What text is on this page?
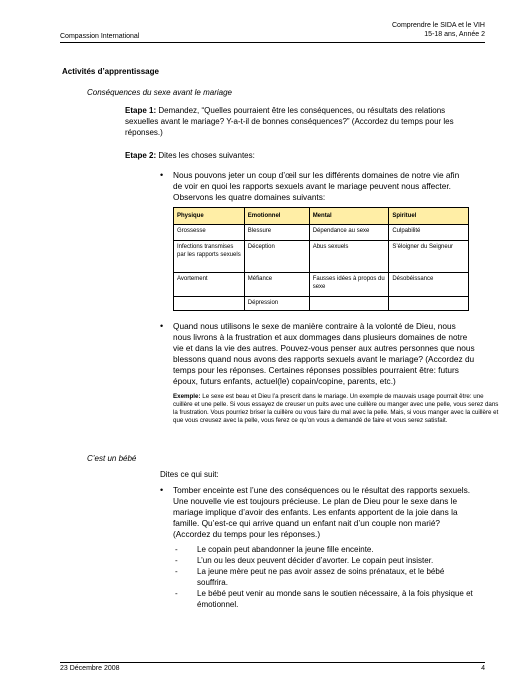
Compassion International
Comprendre le SIDA et le VIH
15-18 ans, Année 2
Activités d’apprentissage
Conséquences du sexe avant le mariage
Etape 1: Demandez, “Quelles pourraient être les conséquences, ou résultats des relations
sexuelles avant le mariage? Y-a-t-il de bonnes conséquences?” (Accordez du temps pour les
réponses.)
Etape 2: Dites les choses suivantes:
• Nous pouvons jeter un coup d’œil sur les différents domaines de notre vie afin
de voir en quoi les rapports sexuels avant le mariage peuvent nous affecter.
Observons les quatre domaines suivants:
Physique	Emotionnel	Mental	Spirituel
Grossesse	Blessure	Dépendance au sexe	Culpabilité
Infections transmises par les rapports sexuels	Déception	Abus sexuels	S’éloigner du Seigneur
Avortement	Méfiance	Fausses idées à propos du sexe	Désobéissance
	Dépression		
• Quand nous utilisons le sexe de manière contraire à la volonté de Dieu, nous
nous livrons à la frustration et aux dommages dans plusieurs domaines de notre
vie et dans la vie des autres. Pouvez-vous penser aux autres personnes que nous
blessons quand nous avons des rapports sexuels avant le mariage? (Accordez du
temps pour les réponses. Certaines réponses possibles pourraient être: futurs
époux, futurs enfants, actuel(le) copain/copine, parents, etc.)
Exemple: Le sexe est beau et Dieu l’a prescrit dans le mariage. Un exemple de mauvais usage pourrait être: une cuillère et une pelle. Si vous essayez de creuser un puits avec une cuillère ou manger avec une pelle, vous serez dans la frustration. Vous pourriez briser la cuillère ou vous faire du mal avec la pelle. Mais, si vous manger avec la cuillère et que vous creusez avec la pelle, vous ferez ce qu’on vous a demandé de faire et vous serez satisfait.
C’est un bébé
Dites ce qui suit:
• Tomber enceinte est l’une des conséquences ou le résultat des rapports sexuels.
Une nouvelle vie est toujours précieuse. Le plan de Dieu pour le sexe dans le
mariage implique d’avoir des enfants. Les enfants apportent de la joie dans la
famille. Qu’est-ce qui arrive quand un enfant nait d’un couple non marié?
(Accordez du temps pour les réponses.)
-	Le copain peut abandonner la jeune fille enceinte.
-	L’un ou les deux peuvent décider d’avorter. Le copain peut insister.
-	La jeune mère peut ne pas avoir assez de soins prénataux, et le bébé
souffrira.
-	Le bébé peut venir au monde sans le soutien nécessaire, à la fois physique et
émotionnel.
23 Décembre 2008	4
